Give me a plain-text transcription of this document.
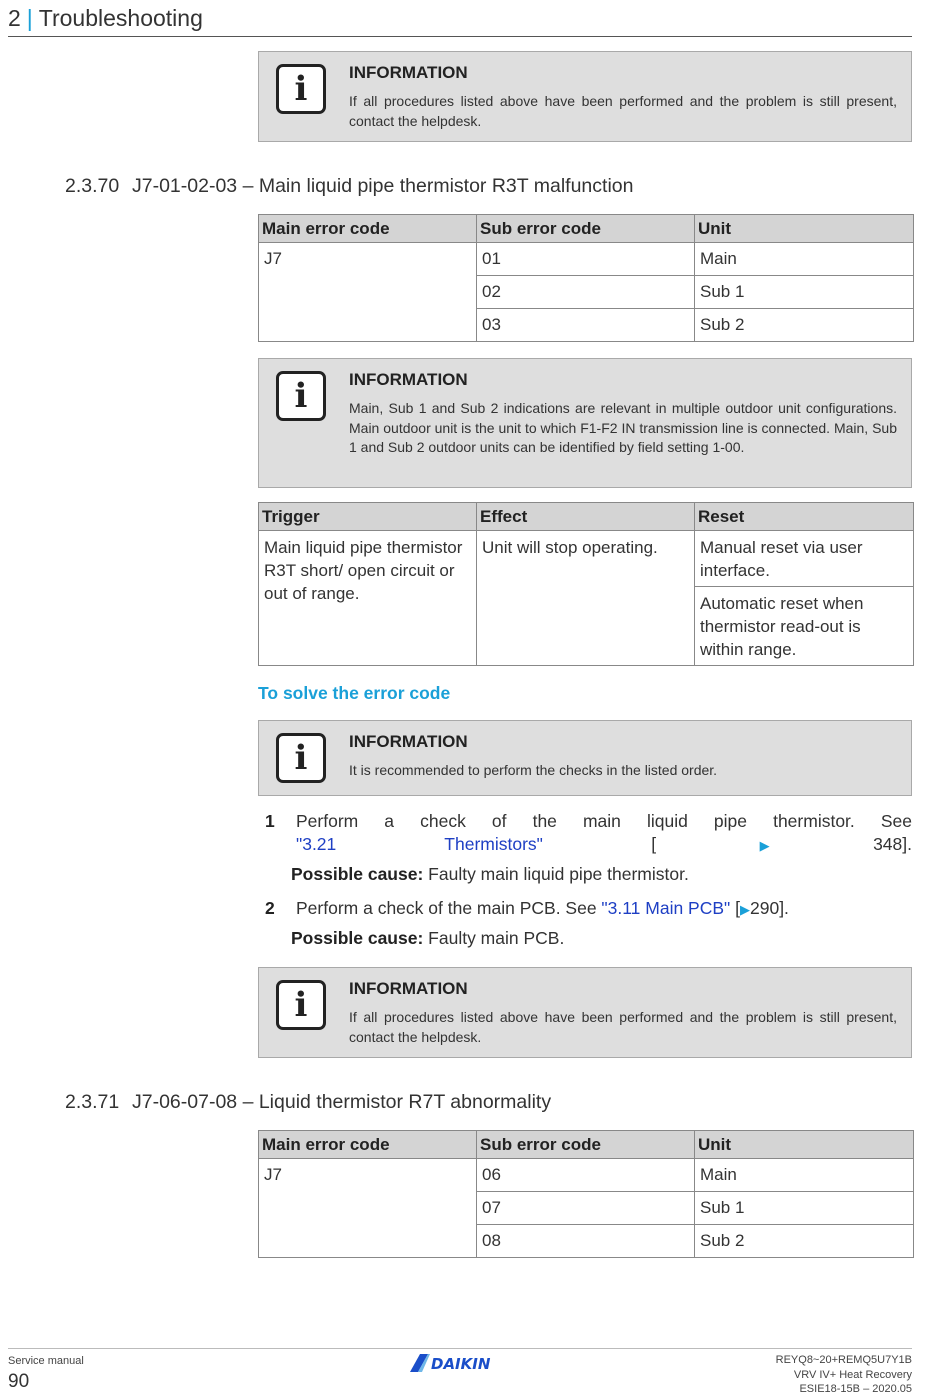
2 | Troubleshooting
i	INFORMATION
If all procedures listed above have been performed and the problem is still present, contact the helpdesk.
2.3.70 J7-01-02-03 – Main liquid pipe thermistor R3T malfunction
Main error code	Sub error code	Unit
J7	01	Main
	02	Sub 1
	03	Sub 2
i	INFORMATION
Main, Sub 1 and Sub 2 indications are relevant in multiple outdoor unit configurations. Main outdoor unit is the unit to which F1-F2 IN transmission line is connected. Main, Sub 1 and Sub 2 outdoor units can be identified by field setting 1-00.
Trigger	Effect	Reset
Main liquid pipe thermistor R3T short/ open circuit or out of range.	Unit will stop operating.	Manual reset via user interface.
		Automatic reset when thermistor read-out is within range.
To solve the error code
i	INFORMATION
It is recommended to perform the checks in the listed order.
1 Perform a check of the main liquid pipe thermistor. See
"3.21 Thermistors" [▶348].
Possible cause: Faulty main liquid pipe thermistor.
2 Perform a check of the main PCB. See "3.11 Main PCB" [▶290].
Possible cause: Faulty main PCB.
i	INFORMATION
If all procedures listed above have been performed and the problem is still present, contact the helpdesk.
2.3.71 J7-06-07-08 – Liquid thermistor R7T abnormality
Main error code	Sub error code	Unit
J7	06	Main
	07	Sub 1
	08	Sub 2
Service manual
90
DAIKIN	REYQ8~20+REMQ5U7Y1B
VRV IV+ Heat Recovery
ESIE18-15B – 2020.05
